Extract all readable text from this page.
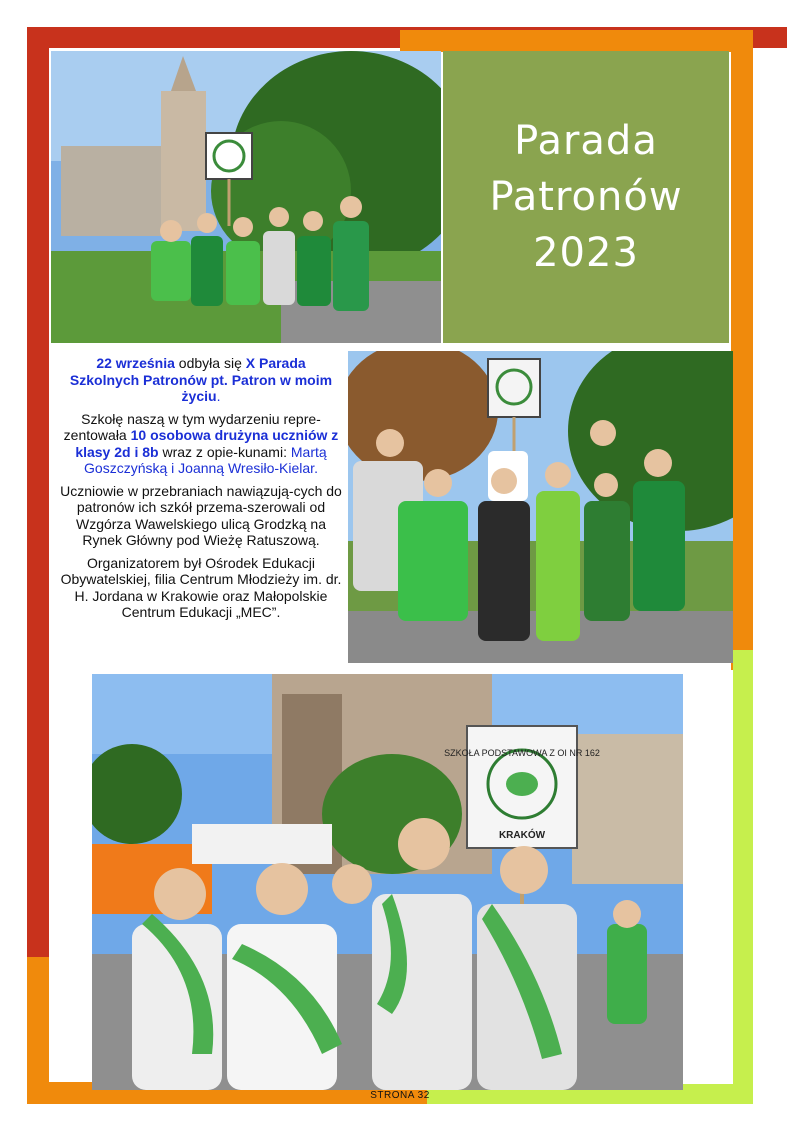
Parada
Patronów
2023

22 września odbyła się X Parada Szkolnych Patronów pt. Patron w moim życiu.

Szkołę naszą w tym wydarzeniu repre-zentowała 10 osobowa drużyna uczniów z klasy 2d i 8b wraz z opie-kunami: Martą Goszczyńską i Joanną Wresiło-Kielar.

Uczniowie w przebraniach nawiązują-cych do patronów ich szkół przema-szerowali od Wzgórza Wawelskiego ulicą Grodzką na Rynek Główny pod Wieżę Ratuszową.

Organizatorem był Ośrodek Edukacji Obywatelskiej, filia Centrum Młodzieży im. dr. H. Jordana w Krakowie oraz Małopolskie Centrum Edukacji „MEC”.

SZKOŁA PODSTAWOWA Z OI NR 162
KRAKÓW
STRONA 32
